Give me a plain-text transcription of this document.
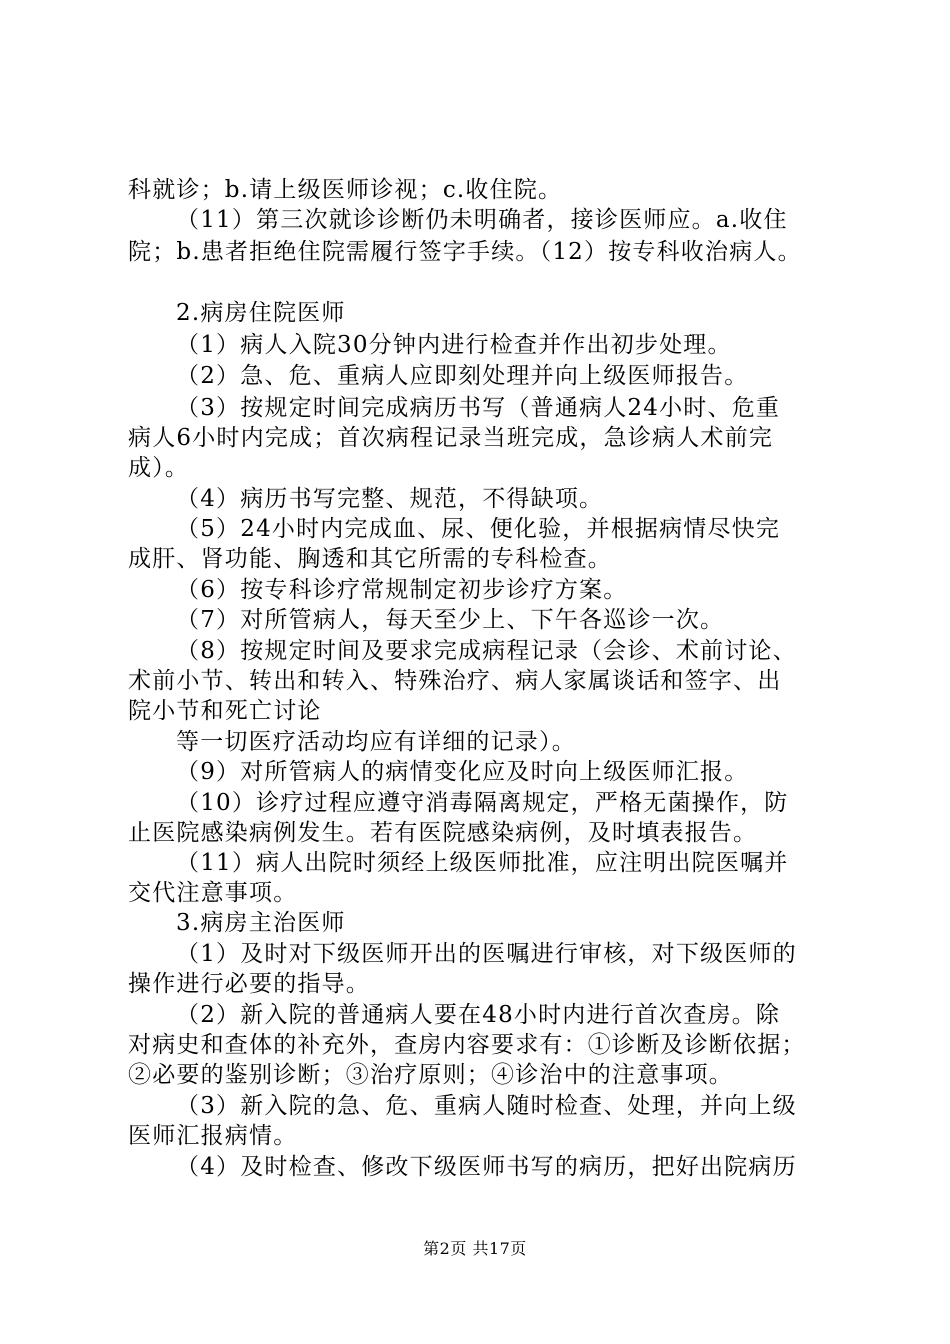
科就诊；b.请上级医师诊视；c.收住院。
（11）第三次就诊诊断仍未明确者，接诊医师应。a.收住
院；b.患者拒绝住院需履行签字手续。（12）按专科收治病人。
2.病房住院医师
（1）病人入院30分钟内进行检查并作出初步处理。
（2）急、危、重病人应即刻处理并向上级医师报告。
（3）按规定时间完成病历书写（普通病人24小时、危重
病人6小时内完成；首次病程记录当班完成，急诊病人术前完
成）。
（4）病历书写完整、规范，不得缺项。
（5）24小时内完成血、尿、便化验，并根据病情尽快完
成肝、肾功能、胸透和其它所需的专科检查。
（6）按专科诊疗常规制定初步诊疗方案。
（7）对所管病人，每天至少上、下午各巡诊一次。
（8）按规定时间及要求完成病程记录（会诊、术前讨论、
术前小节、转出和转入、特殊治疗、病人家属谈话和签字、出
院小节和死亡讨论
等一切医疗活动均应有详细的记录）。
（9）对所管病人的病情变化应及时向上级医师汇报。
（10）诊疗过程应遵守消毒隔离规定，严格无菌操作，防
止医院感染病例发生。若有医院感染病例，及时填表报告。
（11）病人出院时须经上级医师批准，应注明出院医嘱并
交代注意事项。
3.病房主治医师
（1）及时对下级医师开出的医嘱进行审核，对下级医师的
操作进行必要的指导。
（2）新入院的普通病人要在48小时内进行首次查房。除
对病史和查体的补充外，查房内容要求有：①诊断及诊断依据；
②必要的鉴别诊断；③治疗原则；④诊治中的注意事项。
（3）新入院的急、危、重病人随时检查、处理，并向上级
医师汇报病情。
（4）及时检查、修改下级医师书写的病历，把好出院病历
第2页 共17页
